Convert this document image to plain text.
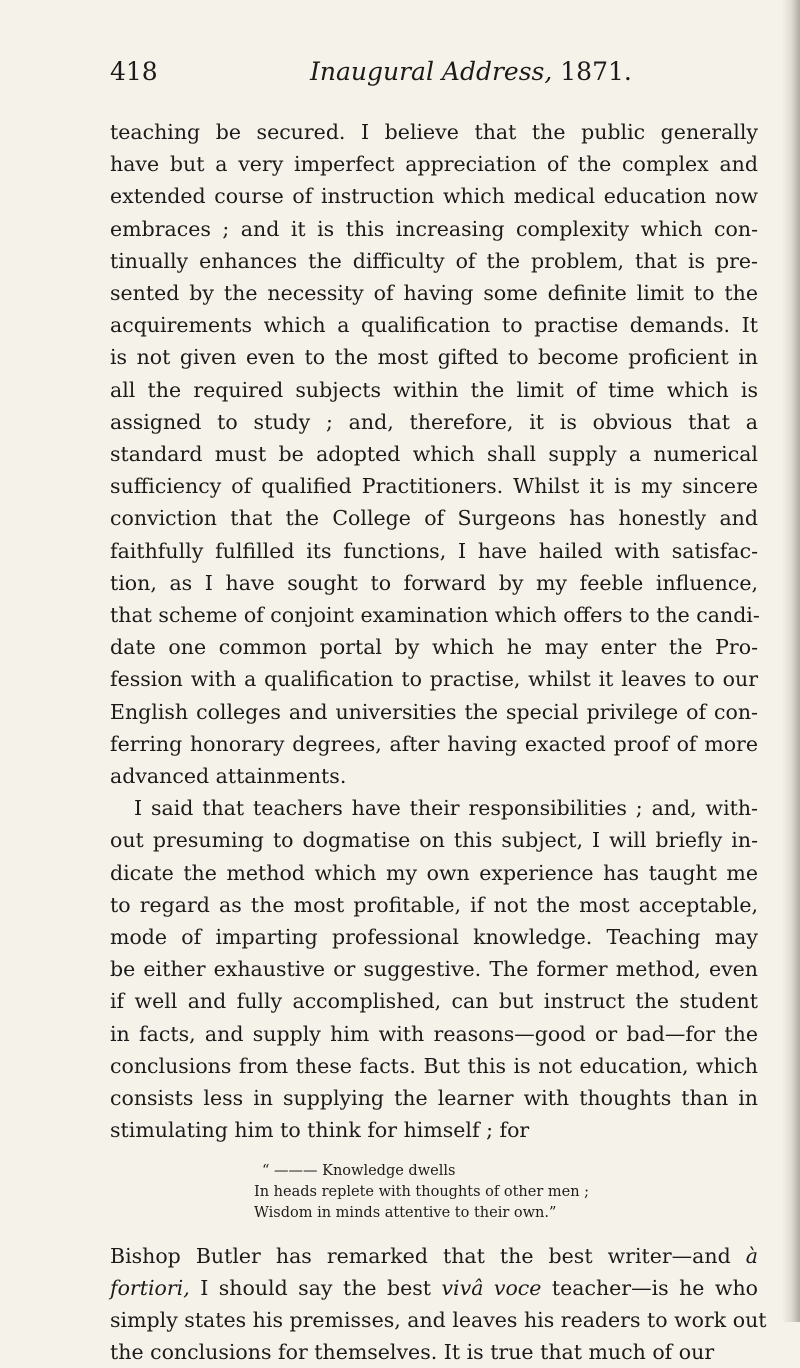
418	Inaugural Address, 1871.
teaching be secured. I believe that the public generally
have but a very imperfect appreciation of the complex and
extended course of instruction which medical education now
embraces ; and it is this increasing complexity which con-
tinually enhances the difficulty of the problem, that is pre-
sented by the necessity of having some definite limit to the
acquirements which a qualification to practise demands. It
is not given even to the most gifted to become proficient in
all the required subjects within the limit of time which is
assigned to study ; and, therefore, it is obvious that a
standard must be adopted which shall supply a numerical
sufficiency of qualified Practitioners. Whilst it is my sincere
conviction that the College of Surgeons has honestly and
faithfully fulfilled its functions, I have hailed with satisfac-
tion, as I have sought to forward by my feeble influence,
that scheme of conjoint examination which offers to the candi-
date one common portal by which he may enter the Pro-
fession with a qualification to practise, whilst it leaves to our
English colleges and universities the special privilege of con-
ferring honorary degrees, after having exacted proof of more
advanced attainments.
I said that teachers have their responsibilities ; and, with-
out presuming to dogmatise on this subject, I will briefly in-
dicate the method which my own experience has taught me
to regard as the most profitable, if not the most acceptable,
mode of imparting professional knowledge. Teaching may
be either exhaustive or suggestive. The former method, even
if well and fully accomplished, can but instruct the student
in facts, and supply him with reasons—good or bad—for the
conclusions from these facts. But this is not education, which
consists less in supplying the learner with thoughts than in
stimulating him to think for himself ; for
“ ——— Knowledge dwells
In heads replete with thoughts of other men ;
Wisdom in minds attentive to their own.”
Bishop Butler has remarked that the best writer—and à
fortiori, I should say the best vivâ voce teacher—is he who
simply states his premisses, and leaves his readers to work out
the conclusions for themselves. It is true that much of our
